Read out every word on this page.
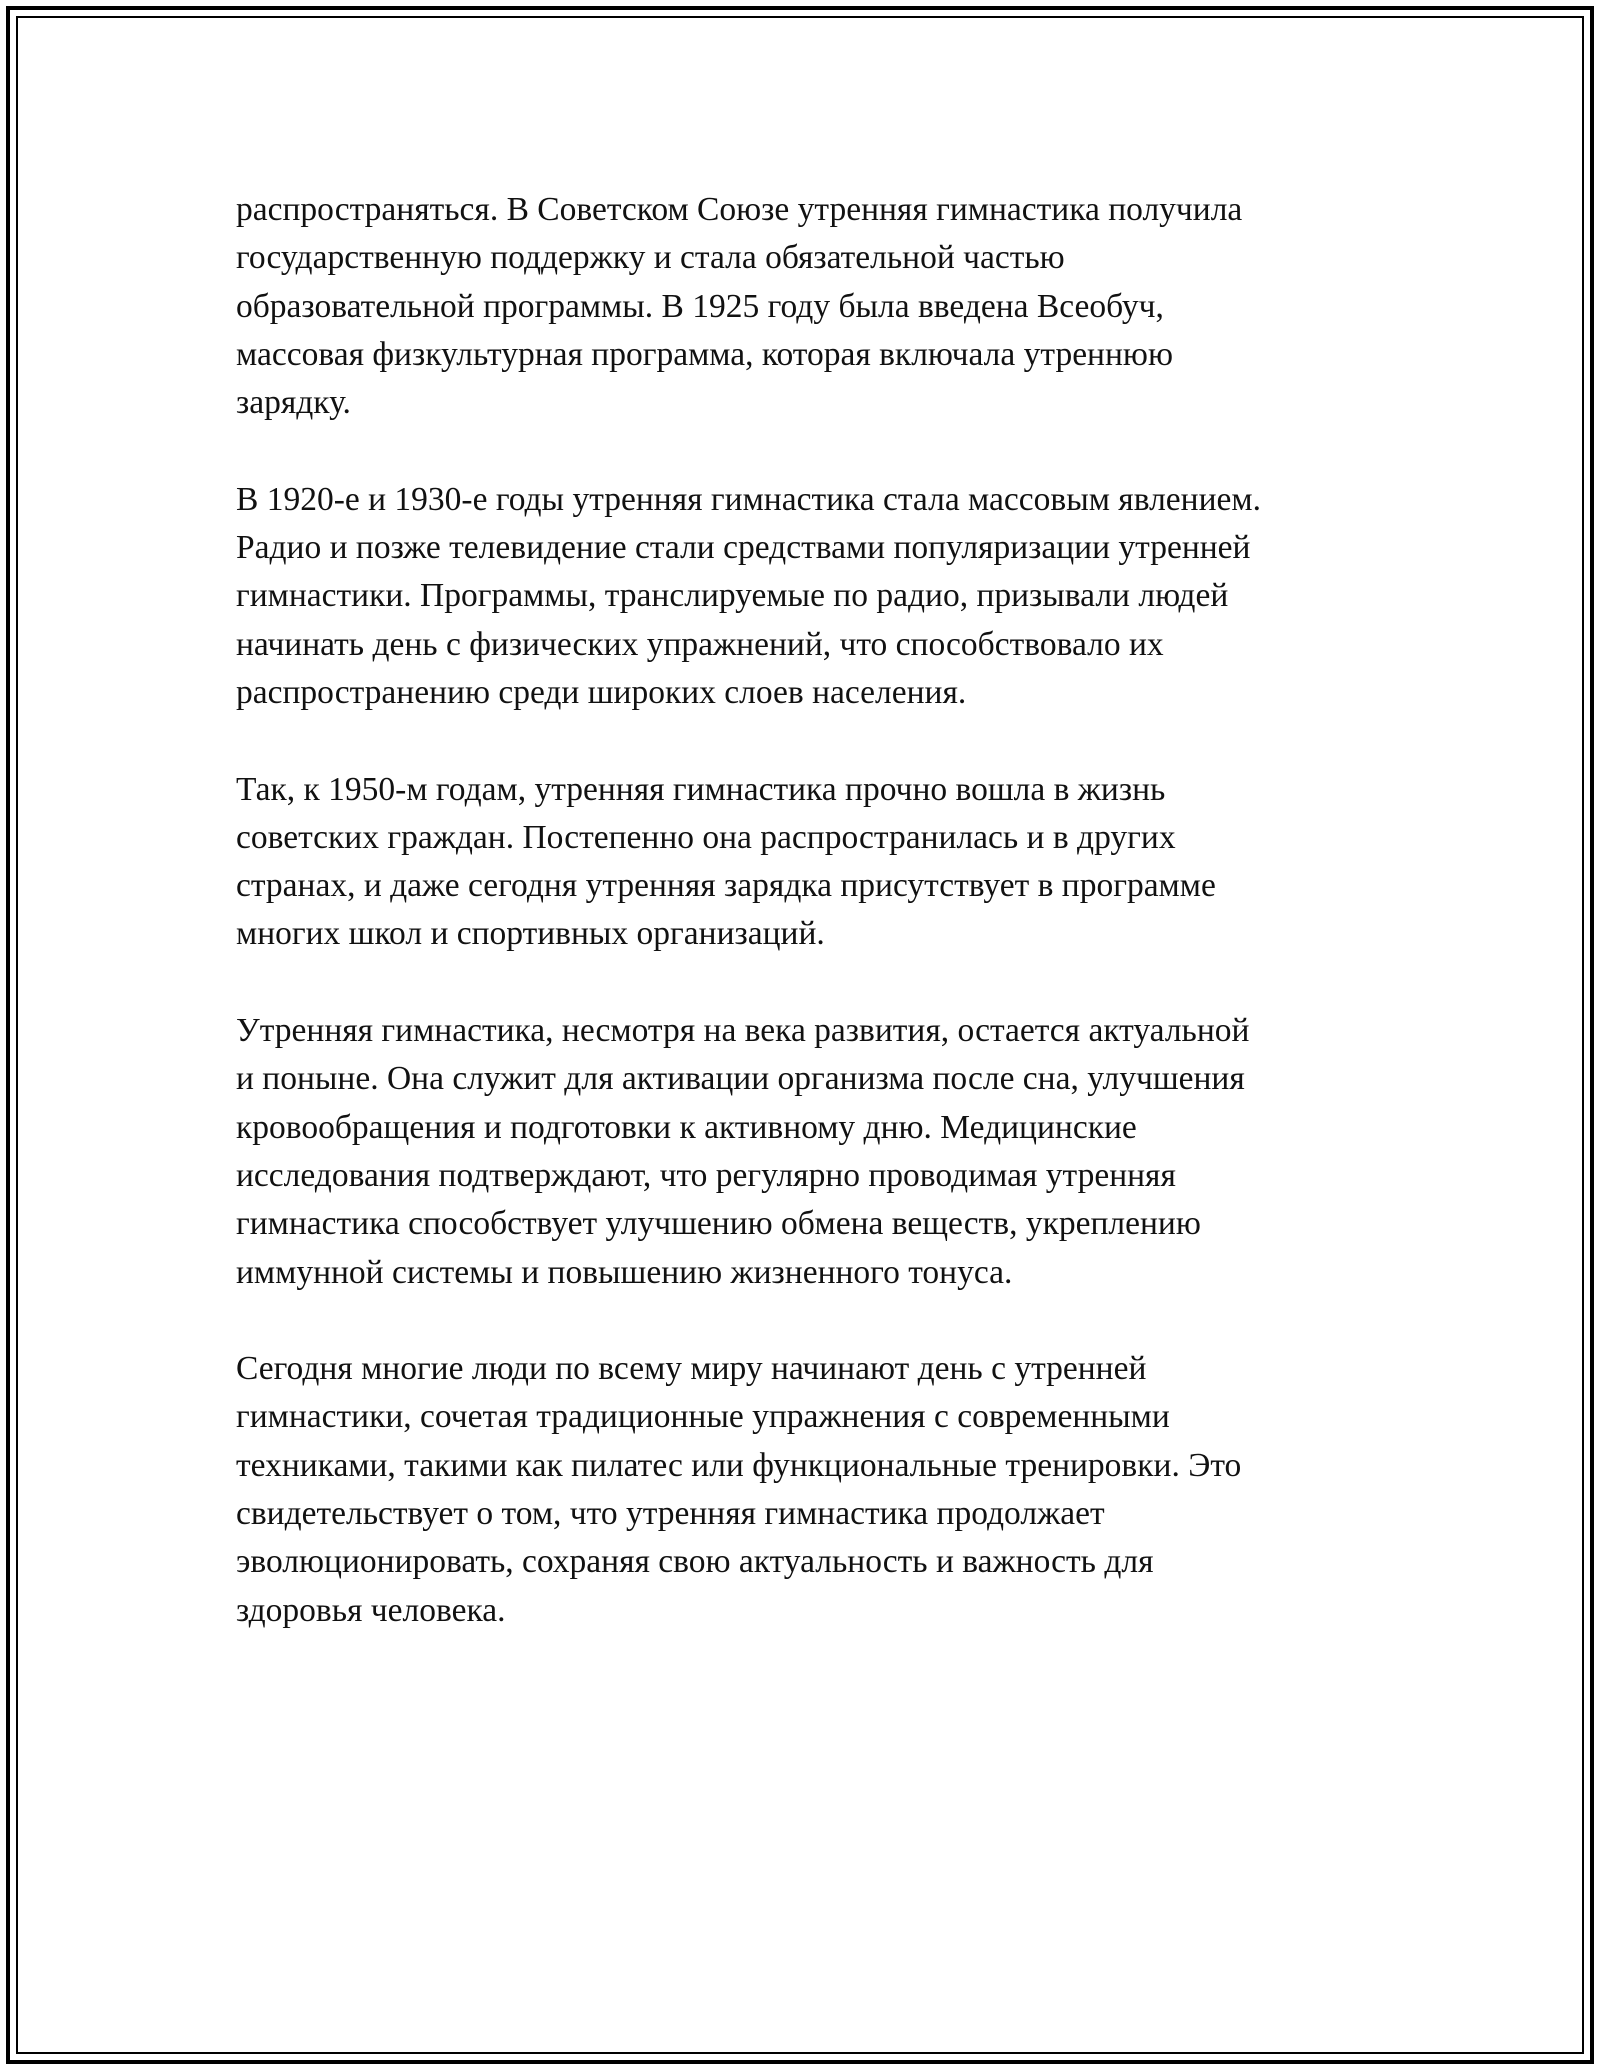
распространяться. В Советском Союзе утренняя гимнастика получила
государственную поддержку и стала обязательной частью
образовательной программы. В 1925 году была введена Всеобуч,
массовая физкультурная программа, которая включала утреннюю
зарядку.
В 1920-е и 1930-е годы утренняя гимнастика стала массовым явлением.
Радио и позже телевидение стали средствами популяризации утренней
гимнастики. Программы, транслируемые по радио, призывали людей
начинать день с физических упражнений, что способствовало их
распространению среди широких слоев населения.
Так, к 1950-м годам, утренняя гимнастика прочно вошла в жизнь
советских граждан. Постепенно она распространилась и в других
странах, и даже сегодня утренняя зарядка присутствует в программе
многих школ и спортивных организаций.
Утренняя гимнастика, несмотря на века развития, остается актуальной
и поныне. Она служит для активации организма после сна, улучшения
кровообращения и подготовки к активному дню. Медицинские
исследования подтверждают, что регулярно проводимая утренняя
гимнастика способствует улучшению обмена веществ, укреплению
иммунной системы и повышению жизненного тонуса.
Сегодня многие люди по всему миру начинают день с утренней
гимнастики, сочетая традиционные упражнения с современными
техниками, такими как пилатес или функциональные тренировки. Это
свидетельствует о том, что утренняя гимнастика продолжает
эволюционировать, сохраняя свою актуальность и важность для
здоровья человека.
